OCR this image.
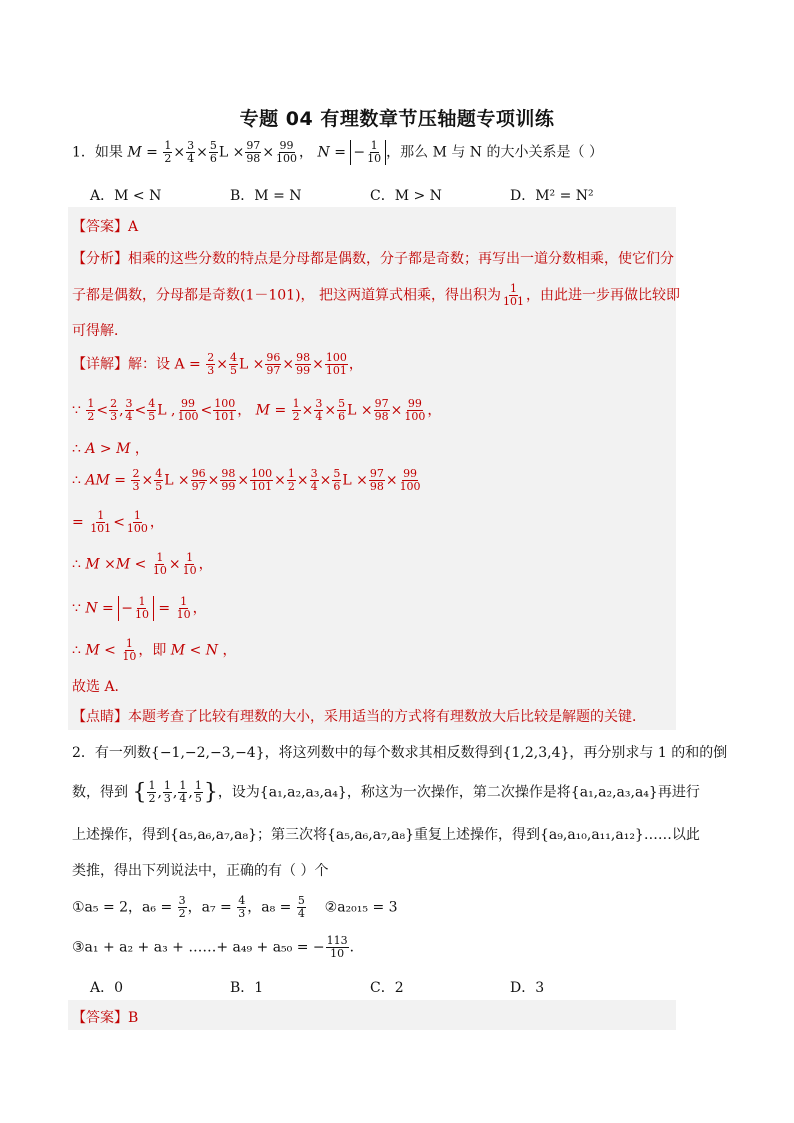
专题 04 有理数章节压轴题专项训练
1．如果 $M = \frac{1}{2} \times \frac{3}{4} \times \frac{5}{6}$ $L \times \frac{97}{98} \times \frac{99}{100}$ ， N = − $\frac{1}{10}$ ，那么 M 与 N 的大小关系是（ ）
A．M < N	B．M = N	C．M > N	D．M² = N²
【答案】A
【分析】相乘的这些分数的特点是分母都是偶数，分子都是奇数；再写出一道分数相乘，使它们分
子都是偶数，分母都是奇数(1－101)， 把这两道算式相乘，得出积为 $\frac{1}{101}$ ，由此进一步再做比较即
可得解．
【详解】解：设 $A = \frac{2}{3} \times \frac{4}{5}$ $L \times \frac{96}{97} \times \frac{98}{99} \times \frac{100}{101}$ ，
∵ $\frac{1}{2} < \frac{2}{3}$ , $\frac{3}{4} < \frac{4}{5}$ L , $\frac{99}{100} < \frac{100}{101}$ ， $M = \frac{1}{2} \times \frac{3}{4} \times \frac{5}{6}$ $L \times \frac{97}{98} \times \frac{99}{100}$ ，
∴ A > M ，
∴ AM = $\frac{2}{3} \times \frac{4}{5}$ $L \times \frac{96}{97} \times \frac{98}{99} \times \frac{100}{101} \times \frac{1}{2} \times \frac{3}{4} \times \frac{5}{6}$ $L \times \frac{97}{98} \times \frac{99}{100}$
= $\frac{1}{101} < \frac{1}{100}$ ，
∴ $M \times M < \frac{1}{10} \times \frac{1}{10}$ ，
∵ N = − $\frac{1}{10} = \frac{1}{10}$ ，
∴ $M < \frac{1}{10}$ ，即 M < N ，
故选 A．
【点睛】本题考查了比较有理数的大小，采用适当的方式将有理数放大后比较是解题的关键．
2．有一列数{−1,−2,−3,−4}，将这列数中的每个数求其相反数得到{1,2,3,4}，再分别求与 1 的和的倒
数，得到 { $\frac{1}{2}$ , $\frac{1}{3}$ , $\frac{1}{4}$ , $\frac{1}{5}$ }，设为{a₁,a₂,a₃,a₄}，称这为一次操作，第二次操作是将{a₁,a₂,a₃,a₄}再进行
上述操作，得到{a₅,a₆,a₇,a₈}；第三次将{a₅,a₆,a₇,a₈}重复上述操作，得到{a₉,a₁₀,a₁₁,a₁₂}……以此
类推，得出下列说法中，正确的有（ ）个
①a₅ = 2，$a_6 = \frac{3}{2}$ ，$a_7 = \frac{4}{3}$ ，$a_8 = \frac{5}{4}$ ②a₂₀₁₅ = 3
③a₁ + a₂ + a₃ + ……+ a₄₉ + a₅₀ = − $\frac{113}{10}$ ．
A．0	B．1	C．2	D．3
【答案】B
